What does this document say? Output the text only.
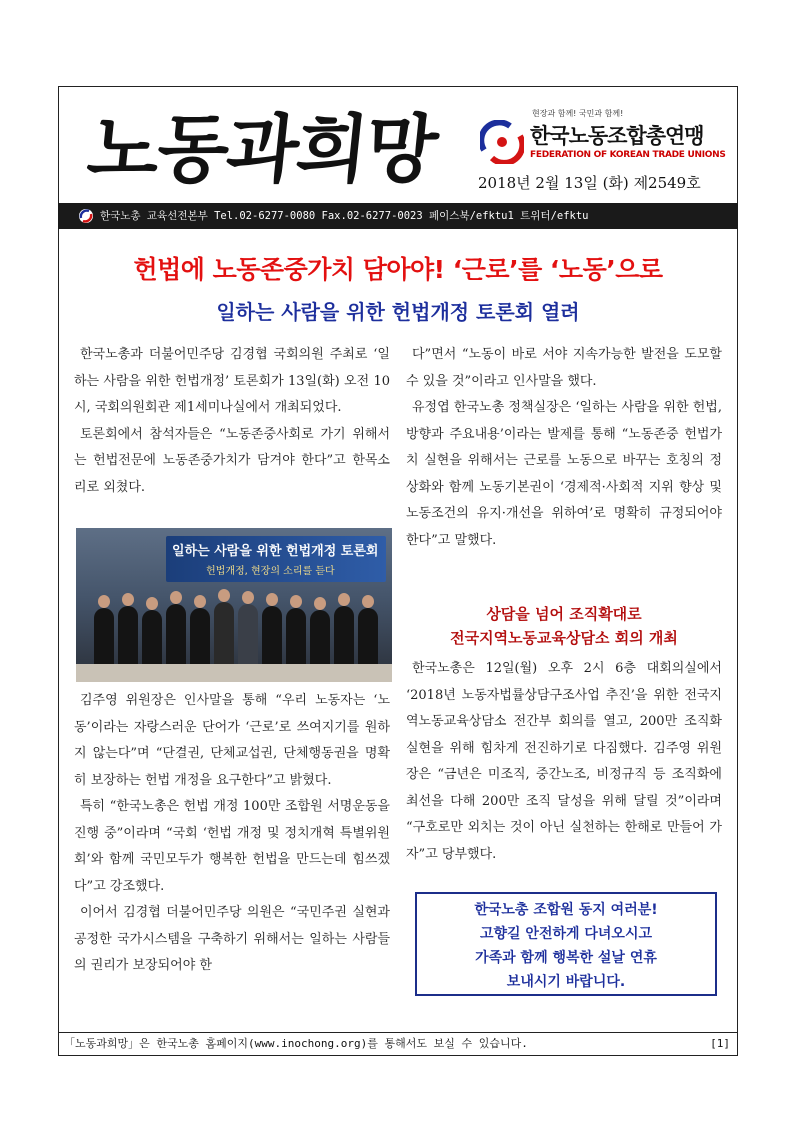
노동과희망	현장과 함께! 국민과 함께!
한국노동조합총연맹
FEDERATION OF KOREAN TRADE UNIONS
2018년 2월 13일 (화) 제2549호
한국노총 교육선전본부 Tel.02-6277-0080 Fax.02-6277-0023 페이스북/efktu1 트위터/efktu
헌법에 노동존중가치 담아야! ‘근로’를 ‘노동’으로
일하는 사람을 위한 헌법개정 토론회 열려

한국노총과 더불어민주당 김경협 국회의원 주최로 ‘일하는 사람을 위한 헌법개정’ 토론회가 13일(화) 오전 10시, 국회의원회관 제1세미나실에서 개최되었다.

토론회에서 참석자들은 “노동존중사회로 가기 위해서는 헌법전문에 노동존중가치가 담겨야 한다”고 한목소리로 외쳤다.

일하는 사람을 위한 헌법개정 토론회
헌법개정, 현장의 소리를 듣다

김주영 위원장은 인사말을 통해 “우리 노동자는 ‘노동’이라는 자랑스러운 단어가 ‘근로’로 쓰여지기를 원하지 않는다”며 “단결권, 단체교섭권, 단체행동권을 명확히 보장하는 헌법 개정을 요구한다”고 밝혔다.

특히 “한국노총은 헌법 개정 100만 조합원 서명운동을 진행 중”이라며 “국회 ‘헌법 개정 및 정치개혁 특별위원회’와 함께 국민모두가 행복한 헌법을 만드는데 힘쓰겠다”고 강조했다.

이어서 김경협 더불어민주당 의원은 “국민주권 실현과 공정한 국가시스템을 구축하기 위해서는 일하는 사람들의 권리가 보장되어야 한

다”면서 “노동이 바로 서야 지속가능한 발전을 도모할 수 있을 것”이라고 인사말을 했다.

유정엽 한국노총 정책실장은 ‘일하는 사람을 위한 헌법, 방향과 주요내용’이라는 발제를 통해 “노동존중 헌법가치 실현을 위해서는 근로를 노동으로 바꾸는 호칭의 정상화와 함께 노동기본권이 ‘경제적·사회적 지위 향상 및 노동조건의 유지·개선을 위하여’로 명확히 규정되어야 한다”고 말했다.

상담을 넘어 조직확대로
전국지역노동교육상담소 회의 개최

한국노총은 12일(월) 오후 2시 6층 대회의실에서 ‘2018년 노동자법률상담구조사업 추진’을 위한 전국지역노동교육상담소 전간부 회의를 열고, 200만 조직화 실현을 위해 힘차게 전진하기로 다짐했다. 김주영 위원장은 “금년은 미조직, 중간노조, 비정규직 등 조직화에 최선을 다해 200만 조직 달성을 위해 달릴 것”이라며 “구호로만 외치는 것이 아닌 실천하는 한해로 만들어 가자”고 당부했다.

한국노총 조합원 동지 여러분!
고향길 안전하게 다녀오시고
가족과 함께 행복한 설날 연휴
보내시기 바랍니다.
「노동과희망」은 한국노총 홈페이지(www.inochong.org)를 통해서도 보실 수 있습니다.	[1]
